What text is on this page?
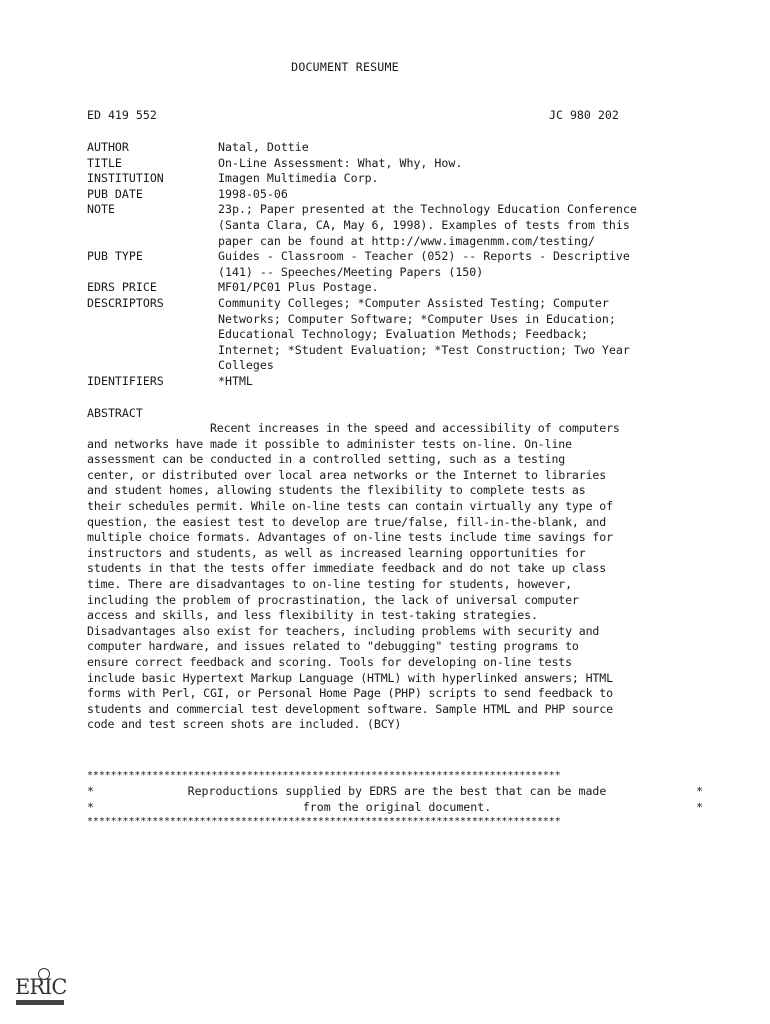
DOCUMENT RESUME
ED 419 552	JC 980 202
AUTHOR	Natal, Dottie
TITLE	On-Line Assessment: What, Why, How.
INSTITUTION	Imagen Multimedia Corp.
PUB DATE	1998-05-06
NOTE	23p.; Paper presented at the Technology Education Conference
(Santa Clara, CA, May 6, 1998). Examples of tests from this
paper can be found at http://www.imagenmm.com/testing/
PUB TYPE	Guides - Classroom - Teacher (052) -- Reports - Descriptive
(141) -- Speeches/Meeting Papers (150)
EDRS PRICE	MF01/PC01 Plus Postage.
DESCRIPTORS	Community Colleges; *Computer Assisted Testing; Computer
Networks; Computer Software; *Computer Uses in Education;
Educational Technology; Evaluation Methods; Feedback;
Internet; *Student Evaluation; *Test Construction; Two Year
Colleges
IDENTIFIERS	*HTML
ABSTRACT
Recent increases in the speed and accessibility of computers
and networks have made it possible to administer tests on-line. On-line
assessment can be conducted in a controlled setting, such as a testing
center, or distributed over local area networks or the Internet to libraries
and student homes, allowing students the flexibility to complete tests as
their schedules permit. While on-line tests can contain virtually any type of
question, the easiest test to develop are true/false, fill-in-the-blank, and
multiple choice formats. Advantages of on-line tests include time savings for
instructors and students, as well as increased learning opportunities for
students in that the tests offer immediate feedback and do not take up class
time. There are disadvantages to on-line testing for students, however,
including the problem of procrastination, the lack of universal computer
access and skills, and less flexibility in test-taking strategies.
Disadvantages also exist for teachers, including problems with security and
computer hardware, and issues related to "debugging" testing programs to
ensure correct feedback and scoring. Tools for developing on-line tests
include basic Hypertext Markup Language (HTML) with hyperlinked answers; HTML
forms with Perl, CGI, or Personal Home Page (PHP) scripts to send feedback to
students and commercial test development software. Sample HTML and PHP source
code and test screen shots are included. (BCY)
********************************************************************************
*	Reproductions supplied by EDRS are the best that can be made	*
*	from the original document.	*
********************************************************************************
ERIC
